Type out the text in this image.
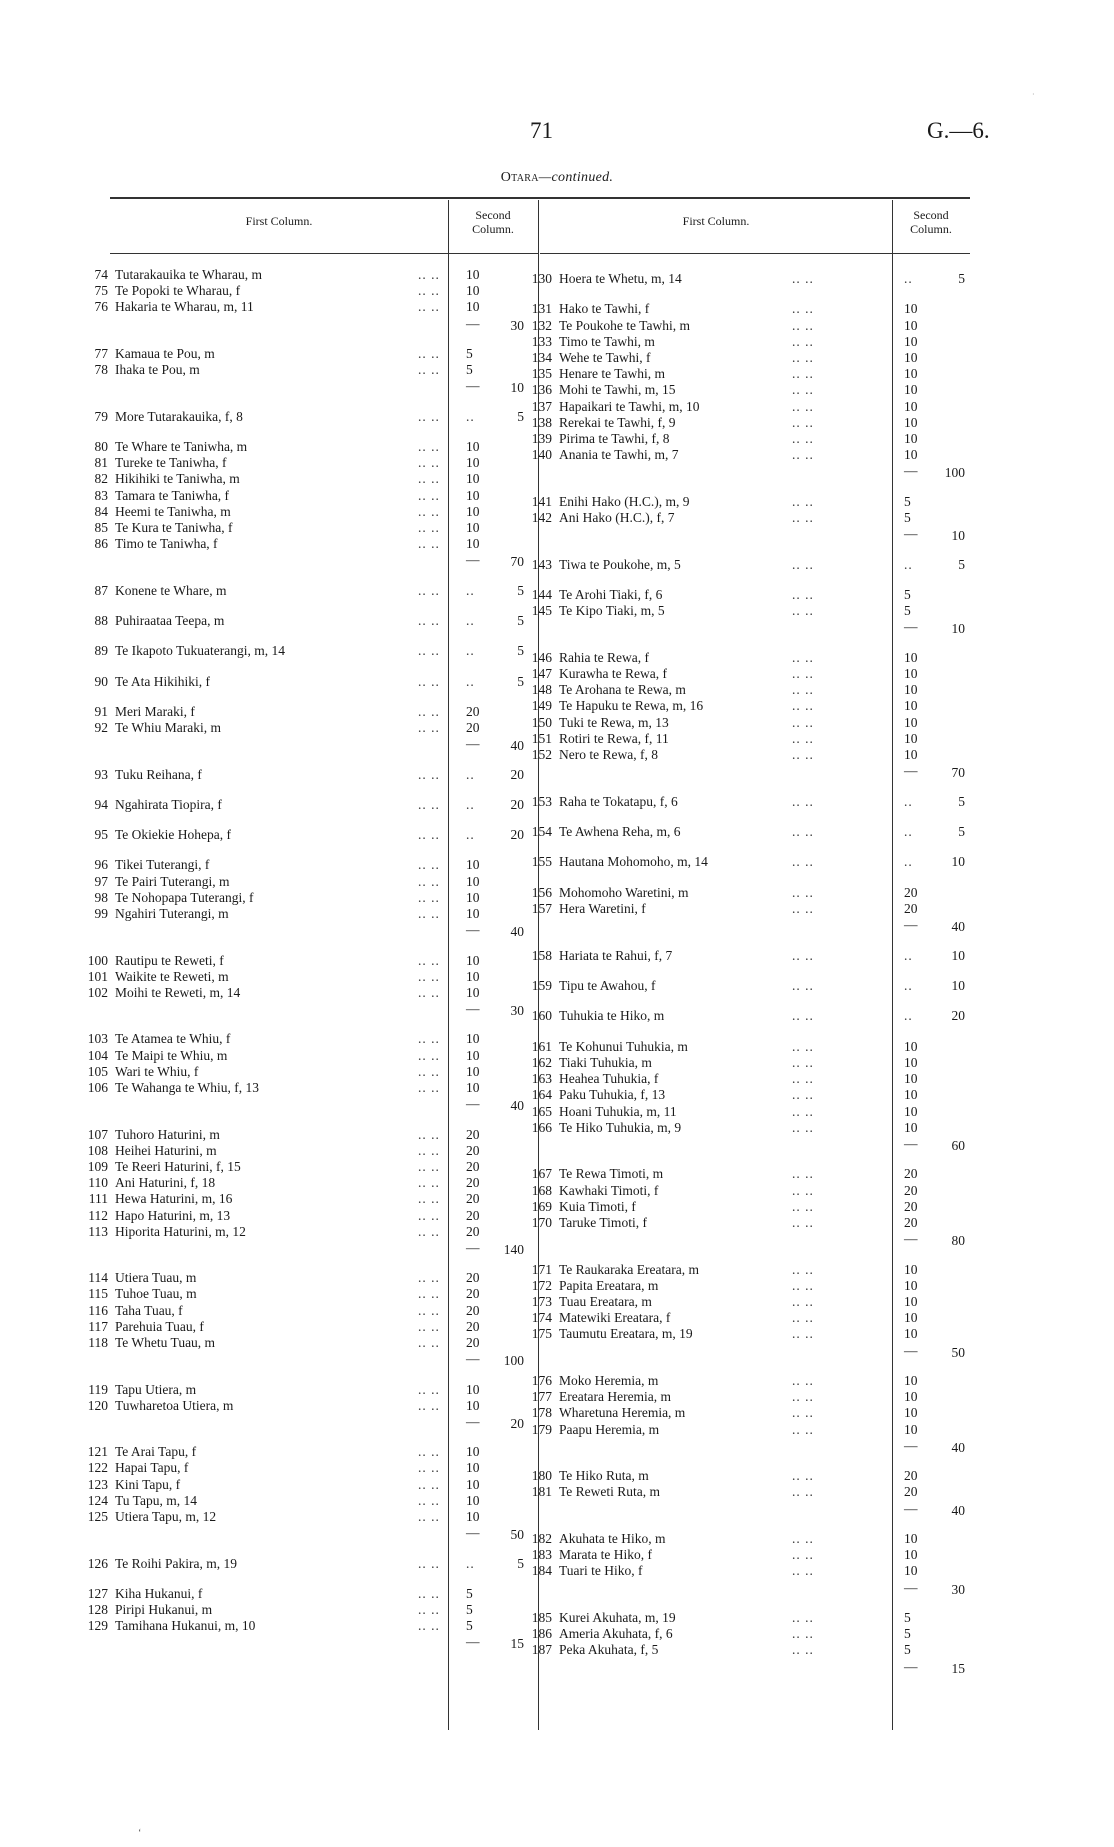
·
71	G.—6.
Otara—continued.
First Column.	Second
Column.
First Column.	Second
Column.
74 Tutarakauika te Wharau, m	.. .. 10
75 Te Popoki te Wharau, f	.. .. 10
76 Hakaria te Wharau, m, 11	.. .. 10
—	30
77 Kamaua te Pou, m	.. .. 5
78 Ihaka te Pou, m	.. .. 5
—	10
79 More Tutarakauika, f, 8	.. .. ..	5
80 Te Whare te Taniwha, m	.. .. 10
81 Tureke te Taniwha, f	.. .. 10
82 Hikihiki te Taniwha, m	.. .. 10
83 Tamara te Taniwha, f	.. .. 10
84 Heemi te Taniwha, m	.. .. 10
85 Te Kura te Taniwha, f	.. .. 10
86 Timo te Taniwha, f	.. .. 10
—	70
87 Konene te Whare, m	.. .. ..	5
88 Puhiraataa Teepa, m	.. .. ..	5
89 Te Ikapoto Tukuaterangi, m, 14	.. .. ..	5
90 Te Ata Hikihiki, f	.. .. ..	5
91 Meri Maraki, f	.. .. 20
92 Te Whiu Maraki, m	.. .. 20
—	40
93 Tuku Reihana, f	.. .. ..	20
94 Ngahirata Tiopira, f	.. .. ..	20
95 Te Okiekie Hohepa, f	.. .. ..	20
96 Tikei Tuterangi, f	.. .. 10
97 Te Pairi Tuterangi, m	.. .. 10
98 Te Nohopapa Tuterangi, f	.. .. 10
99 Ngahiri Tuterangi, m	.. .. 10
—	40
100 Rautipu te Reweti, f	.. .. 10
101 Waikite te Reweti, m	.. .. 10
102 Moihi te Reweti, m, 14	.. .. 10
—	30
103 Te Atamea te Whiu, f	.. .. 10
104 Te Maipi te Whiu, m	.. .. 10
105 Wari te Whiu, f	.. .. 10
106 Te Wahanga te Whiu, f, 13	.. .. 10
—	40
107 Tuhoro Haturini, m	.. .. 20
108 Heihei Haturini, m	.. .. 20
109 Te Reeri Haturini, f, 15	.. .. 20
110 Ani Haturini, f, 18	.. .. 20
111 Hewa Haturini, m, 16	.. .. 20
112 Hapo Haturini, m, 13	.. .. 20
113 Hiporita Haturini, m, 12	.. .. 20
—	140
114 Utiera Tuau, m	.. .. 20
115 Tuhoe Tuau, m	.. .. 20
116 Taha Tuau, f	.. .. 20
117 Parehuia Tuau, f	.. .. 20
118 Te Whetu Tuau, m	.. .. 20
—	100
119 Tapu Utiera, m	.. .. 10
120 Tuwharetoa Utiera, m	.. .. 10
—	20
121 Te Arai Tapu, f	.. .. 10
122 Hapai Tapu, f	.. .. 10
123 Kini Tapu, f	.. .. 10
124 Tu Tapu, m, 14	.. .. 10
125 Utiera Tapu, m, 12	.. .. 10
—	50
126 Te Roihi Pakira, m, 19	.. .. ..	5
127 Kiha Hukanui, f	.. .. 5
128 Piripi Hukanui, m	.. .. 5
129 Tamihana Hukanui, m, 10	.. .. 5
—	15
130 Hoera te Whetu, m, 14	.. ..	..	5
131 Hako te Tawhi, f	.. ..	10
132 Te Poukohe te Tawhi, m	.. ..	10
133 Timo te Tawhi, m	.. ..	10
134 Wehe te Tawhi, f	.. ..	10
135 Henare te Tawhi, m	.. ..	10
136 Mohi te Tawhi, m, 15	.. ..	10
137 Hapaikari te Tawhi, m, 10	.. ..	10
138 Rerekai te Tawhi, f, 9	.. ..	10
139 Pirima te Tawhi, f, 8	.. ..	10
140 Anania te Tawhi, m, 7	.. ..	10
—	100
141 Enihi Hako (H.C.), m, 9	.. ..	5
142 Ani Hako (H.C.), f, 7	.. ..	5
—	10
143 Tiwa te Poukohe, m, 5	.. ..	..	5
144 Te Arohi Tiaki, f, 6	.. ..	5
145 Te Kipo Tiaki, m, 5	.. ..	5
—	10
146 Rahia te Rewa, f	.. ..	10
147 Kurawha te Rewa, f	.. ..	10
148 Te Arohana te Rewa, m	.. ..	10
149 Te Hapuku te Rewa, m, 16	.. ..	10
150 Tuki te Rewa, m, 13	.. ..	10
151 Rotiri te Rewa, f, 11	.. ..	10
152 Nero te Rewa, f, 8	.. ..	10
—	70
153 Raha te Tokatapu, f, 6	.. ..	..	5
154 Te Awhena Reha, m, 6	.. ..	..	5
155 Hautana Mohomoho, m, 14	.. ..	..	10
156 Mohomoho Waretini, m	.. ..	20
157 Hera Waretini, f	.. ..	20
—	40
158 Hariata te Rahui, f, 7	.. ..	..	10
159 Tipu te Awahou, f	.. ..	..	10
160 Tuhukia te Hiko, m	.. ..	..	20
161 Te Kohunui Tuhukia, m	.. ..	10
162 Tiaki Tuhukia, m	.. ..	10
163 Heahea Tuhukia, f	.. ..	10
164 Paku Tuhukia, f, 13	.. ..	10
165 Hoani Tuhukia, m, 11	.. ..	10
166 Te Hiko Tuhukia, m, 9	.. ..	10
—	60
167 Te Rewa Timoti, m	.. ..	20
168 Kawhaki Timoti, f	.. ..	20
169 Kuia Timoti, f	.. ..	20
170 Taruke Timoti, f	.. ..	20
—	80
171 Te Raukaraka Ereatara, m	.. ..	10
172 Papita Ereatara, m	.. ..	10
173 Tuau Ereatara, m	.. ..	10
174 Matewiki Ereatara, f	.. ..	10
175 Taumutu Ereatara, m, 19	.. ..	10
—	50
176 Moko Heremia, m	.. ..	10
177 Ereatara Heremia, m	.. ..	10
178 Wharetuna Heremia, m	.. ..	10
179 Paapu Heremia, m	.. ..	10
—	40
180 Te Hiko Ruta, m	.. ..	20
181 Te Reweti Ruta, m	.. ..	20
—	40
182 Akuhata te Hiko, m	.. ..	10
183 Marata te Hiko, f	.. ..	10
184 Tuari te Hiko, f	.. ..	10
—	30
185 Kurei Akuhata, m, 19	.. ..	5
186 Ameria Akuhata, f, 6	.. ..	5
187 Peka Akuhata, f, 5	.. ..	5
—	15
‘
